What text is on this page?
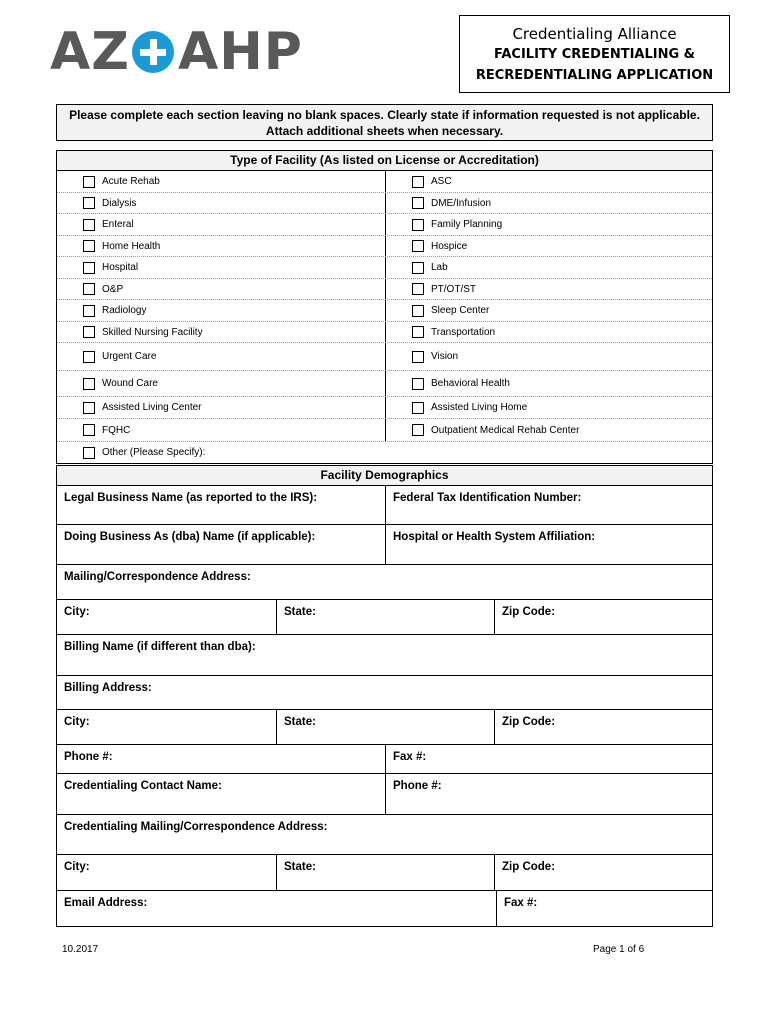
AZ AHP	Credentialing Alliance
FACILITY CREDENTIALING &
RECREDENTIALING APPLICATION
Please complete each section leaving no blank spaces. Clearly state if information requested is not applicable.
Attach additional sheets when necessary.
Type of Facility (As listed on License or Accreditation)
Acute Rehab	ASC
Dialysis	DME/Infusion
Enteral	Family Planning
Home Health	Hospice
Hospital	Lab
O&P	PT/OT/ST
Radiology	Sleep Center
Skilled Nursing Facility	Transportation
Urgent Care	Vision
Wound Care	Behavioral Health
Assisted Living Center	Assisted Living Home
FQHC	Outpatient Medical Rehab Center
Other (Please Specify):
Facility Demographics
Legal Business Name (as reported to the IRS):	Federal Tax Identification Number:
Doing Business As (dba) Name (if applicable):	Hospital or Health System Affiliation:
Mailing/Correspondence Address:
City:	State:	Zip Code:
Billing Name (if different than dba):
Billing Address:
City:	State:	Zip Code:
Phone #:	Fax #:
Credentialing Contact Name:	Phone #:
Credentialing Mailing/Correspondence Address:
City:	State:	Zip Code:
Email Address:	Fax #:
10.2017	Page 1 of 6
